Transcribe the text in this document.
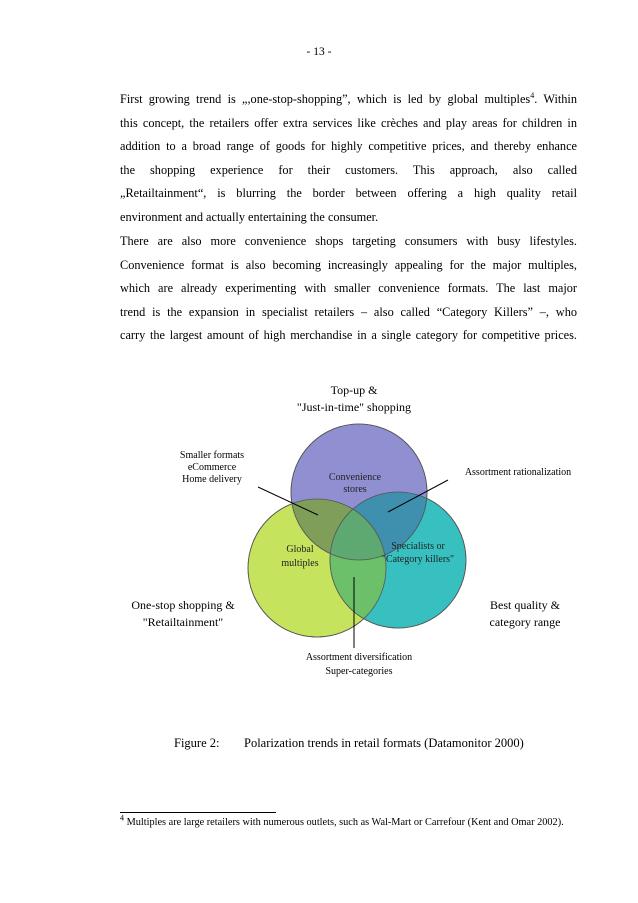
- 13 -
First growing trend is „,one-stop-shopping”, which is led by global multiples$^4$. Within
this concept, the retailers offer extra services like crèches and play areas for children in
addition to a broad range of goods for highly competitive prices, and thereby enhance
the shopping experience for their customers. This approach, also called
„Retailtainment“, is blurring the border between offering a high quality retail
environment and actually entertaining the consumer.
There are also more convenience shops targeting consumers with busy lifestyles.
Convenience format is also becoming increasingly appealing for the major multiples,
which are already experimenting with smaller convenience formats. The last major
trend is the expansion in specialist retailers – also called “Category Killers” –, who
carry the largest amount of high merchandise in a single category for competitive prices.
Convenience stores
Global multiples
Specialists or "Category killers"
Top-up & "Just-in-time" shopping
Smaller formats eCommerce Home delivery
Assortment rationalization
One-stop shopping & "Retailtainment"
Best quality & category range
Assortment diversification Super-categories
Figure 2: Polarization trends in retail formats (Datamonitor 2000)
$^4$ Multiples are large retailers with numerous outlets, such as Wal-Mart or Carrefour (Kent and Omar 2002).
